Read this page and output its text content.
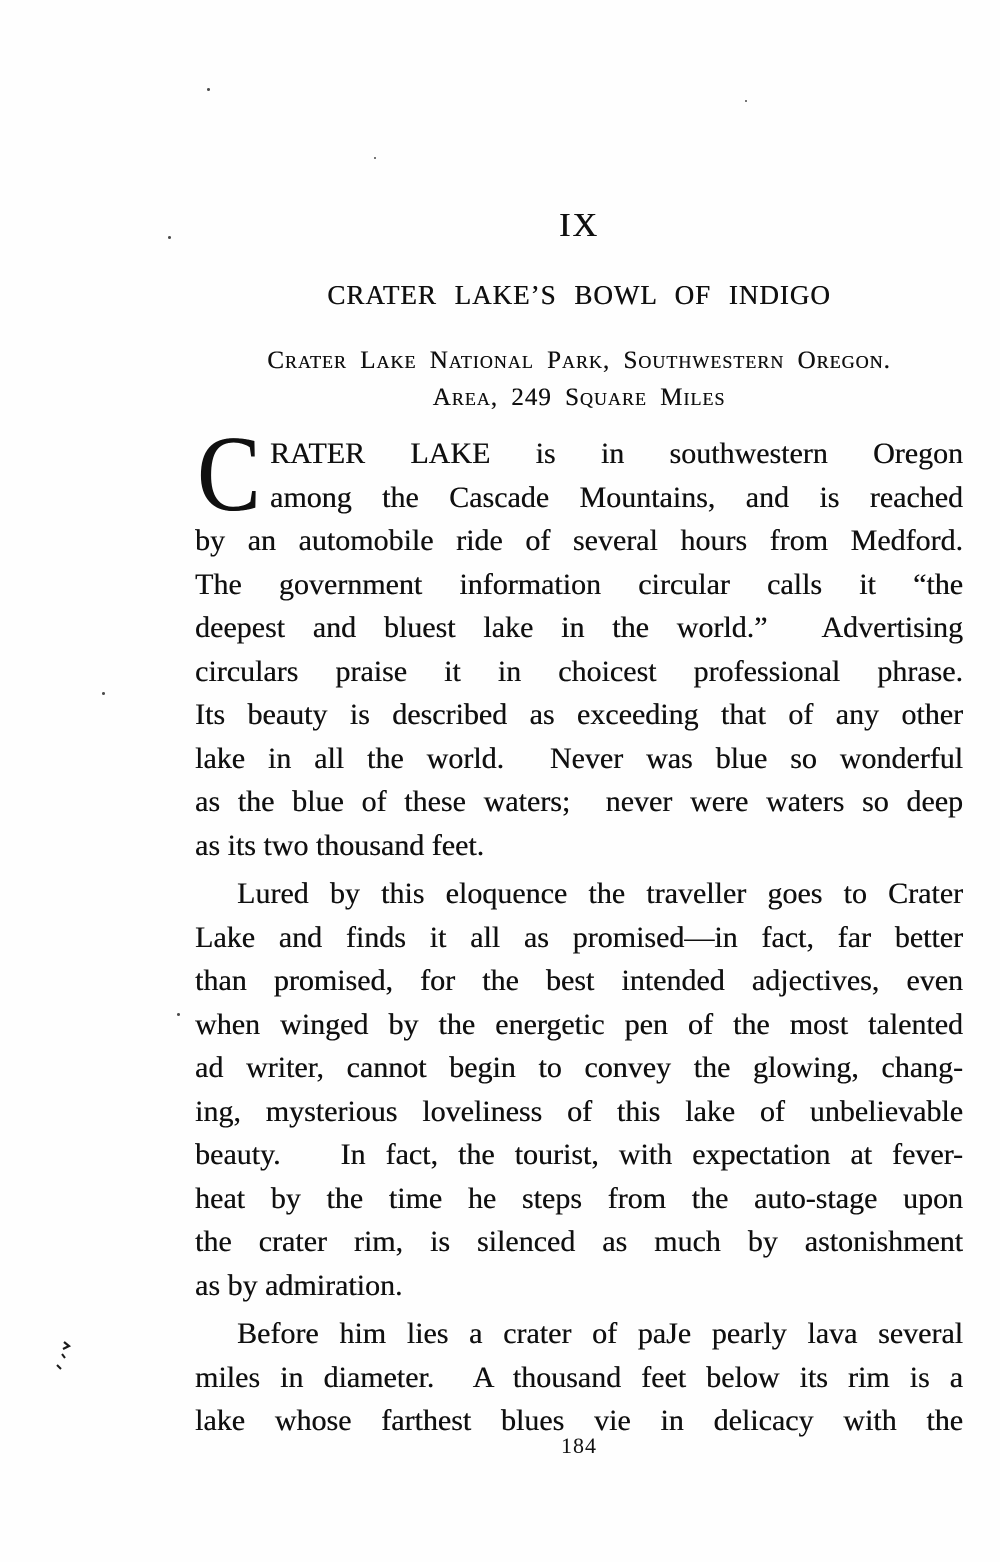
IX
CRATER LAKE’S BOWL OF INDIGO
Crater Lake National Park, Southwestern Oregon.
Area, 249 Square Miles
C RATER LAKE is in southwestern Oregon
among the Cascade Mountains, and is reached
by an automobile ride of several hours from Medford.
The government information circular calls it “the
deepest and bluest lake in the world.”  Advertising
circulars praise it in choicest professional phrase.
Its beauty is described as exceeding that of any other
lake in all the world.  Never was blue so wonderful
as the blue of these waters;  never were waters so deep
as its two thousand feet.
Lured by this eloquence the traveller goes to Crater
Lake and finds it all as promised—in fact, far better
than promised, for the best intended adjectives, even
when winged by the energetic pen of the most talented
ad writer, cannot begin to convey the glowing, chang-
ing, mysterious loveliness of this lake of unbelievable
beauty.   In fact, the tourist, with expectation at fever-
heat by the time he steps from the auto-stage upon
the crater rim, is silenced as much by astonishment
as by admiration.
Before him lies a crater of paJe pearly lava several
miles in diameter.  A thousand feet below its rim is a
lake whose farthest blues vie in delicacy with the
184
